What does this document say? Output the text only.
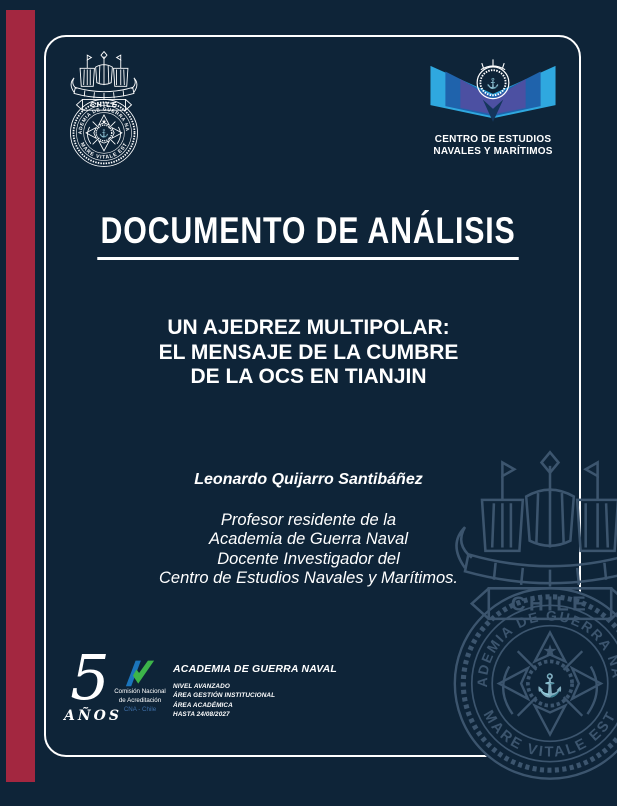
⚓
CENTRO DE ESTUDIOS
NAVALES Y MARÍTIMOS
DOCUMENTO DE ANÁLISIS
UN AJEDREZ MULTIPOLAR:
EL MENSAJE DE LA CUMBRE
DE LA OCS EN TIANJIN
Leonardo Quijarro Santibáñez
Profesor residente de la
Academia de Guerra Naval
Docente Investigador del
Centro de Estudios Navales y Marítimos.
5
AÑOS
Comisión Nacional
de Acreditación
CNA - Chile
ACADEMIA DE GUERRA NAVAL
NIVEL AVANZADO
ÁREA GESTIÓN INSTITUCIONAL
ÁREA ACADÉMICA
HASTA 24/08/2027
